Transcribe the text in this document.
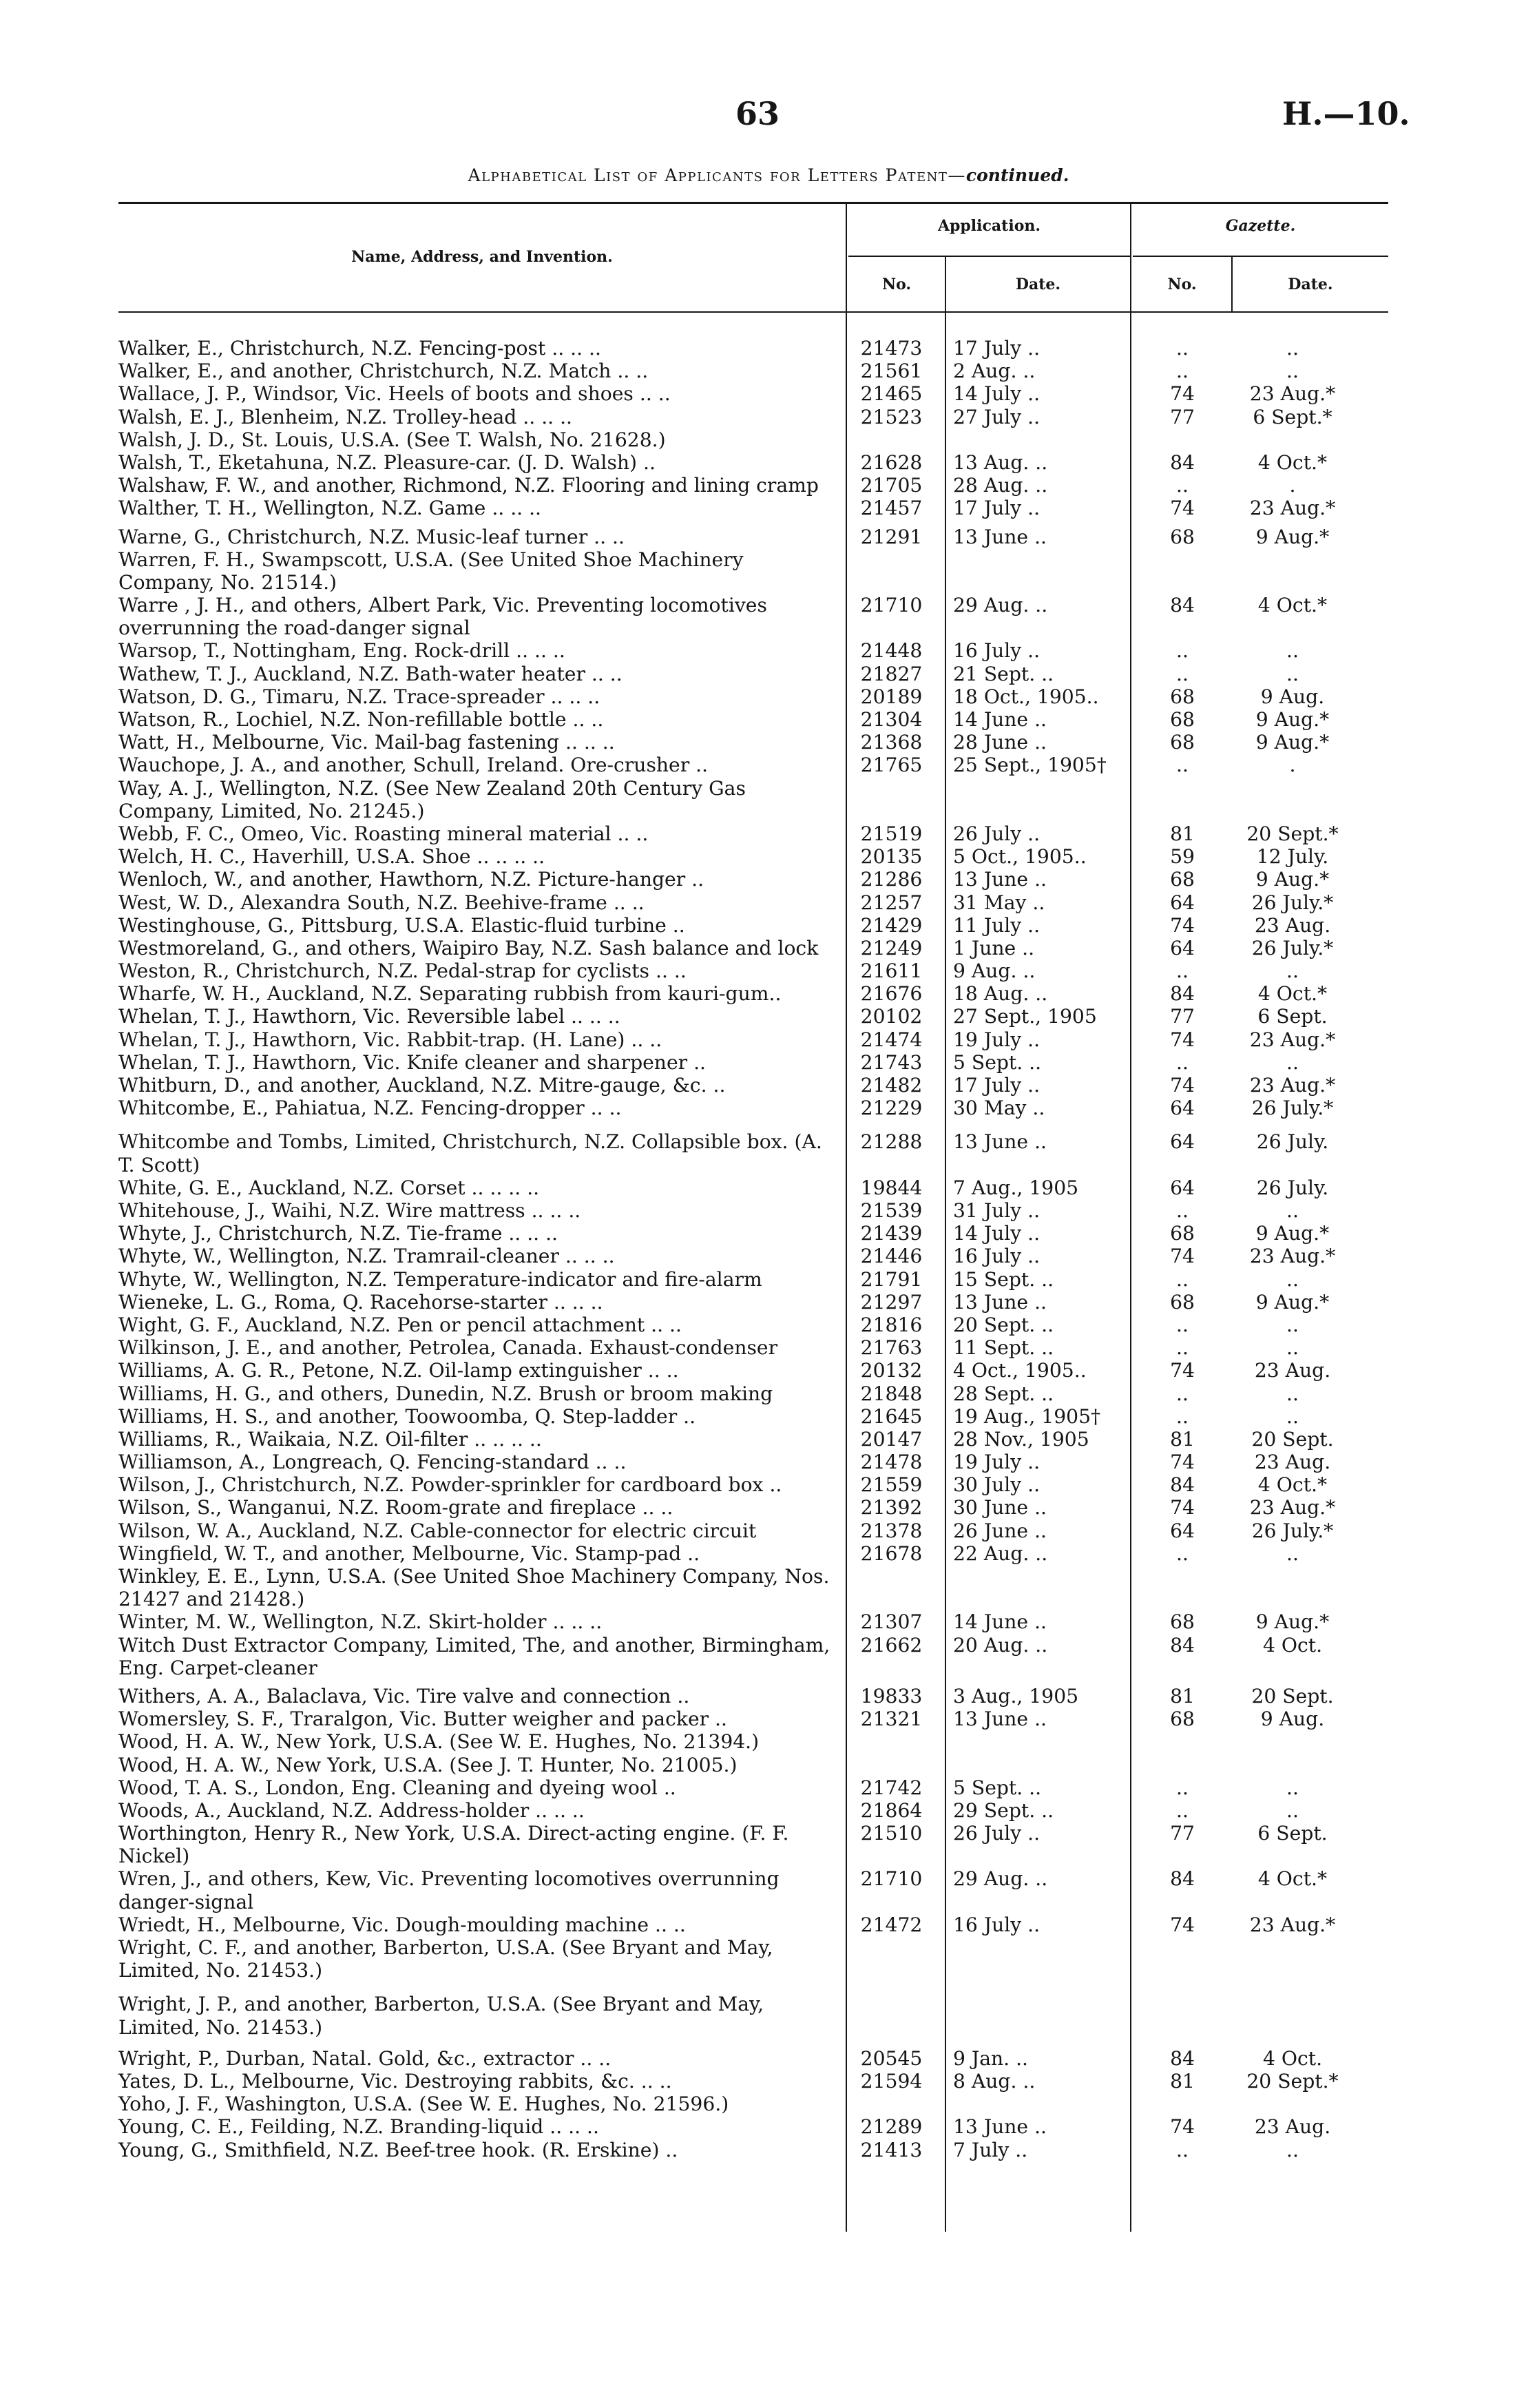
63	H.—10.
Alphabetical List of Applicants for Letters Patent—continued.
Name, Address, and Invention.
Application.	Gazette.
No.	Date.	No.	Date.
Walker, E., Christchurch, N.Z. Fencing-post .. .. ..	21473	17 July ..	..	..
Walker, E., and another, Christchurch, N.Z. Match .. ..	21561	2 Aug. ..	..	..
Wallace, J. P., Windsor, Vic. Heels of boots and shoes .. ..	21465	14 July ..	74	23 Aug.*
Walsh, E. J., Blenheim, N.Z. Trolley-head .. .. ..	21523	27 July ..	77	6 Sept.*
Walsh, J. D., St. Louis, U.S.A. (See T. Walsh, No. 21628.)
Walsh, T., Eketahuna, N.Z. Pleasure-car. (J. D. Walsh) ..	21628	13 Aug. ..	84	4 Oct.*
Walshaw, F. W., and another, Richmond, N.Z. Flooring and lining cramp	21705	28 Aug. ..	..	.
Walther, T. H., Wellington, N.Z. Game .. .. ..	21457	17 July ..	74	23 Aug.*
Warne, G., Christchurch, N.Z. Music-leaf turner .. ..	21291	13 June ..	68	9 Aug.*
Warren, F. H., Swampscott, U.S.A. (See United Shoe Machinery Company, No. 21514.)
Warre , J. H., and others, Albert Park, Vic. Preventing locomotives overrunning the road-danger signal
21710	29 Aug. ..	84	4 Oct.*
Warsop, T., Nottingham, Eng. Rock-drill .. .. ..	21448	16 July ..	..	..
Wathew, T. J., Auckland, N.Z. Bath-water heater .. ..	21827	21 Sept. ..	..	..
Watson, D. G., Timaru, N.Z. Trace-spreader .. .. ..	20189	18 Oct., 1905..	68	9 Aug.
Watson, R., Lochiel, N.Z. Non-refillable bottle .. ..	21304	14 June ..	68	9 Aug.*
Watt, H., Melbourne, Vic. Mail-bag fastening .. .. ..	21368	28 June ..	68	9 Aug.*
Wauchope, J. A., and another, Schull, Ireland. Ore-crusher ..	21765	25 Sept., 1905†	..	.
Way, A. J., Wellington, N.Z. (See New Zealand 20th Century Gas Company, Limited, No. 21245.)
Webb, F. C., Omeo, Vic. Roasting mineral material .. ..	21519	26 July ..	81	20 Sept.*
Welch, H. C., Haverhill, U.S.A. Shoe .. .. .. ..	20135	5 Oct., 1905..	59	12 July.
Wenloch, W., and another, Hawthorn, N.Z. Picture-hanger ..	21286	13 June ..	68	9 Aug.*
West, W. D., Alexandra South, N.Z. Beehive-frame .. ..	21257	31 May ..	64	26 July.*
Westinghouse, G., Pittsburg, U.S.A. Elastic-fluid turbine ..	21429	11 July ..	74	23 Aug.
Westmoreland, G., and others, Waipiro Bay, N.Z. Sash balance and lock	21249	1 June ..	64	26 July.*
Weston, R., Christchurch, N.Z. Pedal-strap for cyclists .. ..	21611	9 Aug. ..	..	..
Wharfe, W. H., Auckland, N.Z. Separating rubbish from kauri-gum..	21676	18 Aug. ..	84	4 Oct.*
Whelan, T. J., Hawthorn, Vic. Reversible label .. .. ..	20102	27 Sept., 1905	77	6 Sept.
Whelan, T. J., Hawthorn, Vic. Rabbit-trap. (H. Lane) .. ..	21474	19 July ..	74	23 Aug.*
Whelan, T. J., Hawthorn, Vic. Knife cleaner and sharpener ..	21743	5 Sept. ..	..	..
Whitburn, D., and another, Auckland, N.Z. Mitre-gauge, &c. ..	21482	17 July ..	74	23 Aug.*
Whitcombe, E., Pahiatua, N.Z. Fencing-dropper .. ..	21229	30 May ..	64	26 July.*
Whitcombe and Tombs, Limited, Christchurch, N.Z. Collapsible box. (A. T. Scott)
21288	13 June ..	64	26 July.
White, G. E., Auckland, N.Z. Corset .. .. .. ..	19844	7 Aug., 1905	64	26 July.
Whitehouse, J., Waihi, N.Z. Wire mattress .. .. ..	21539	31 July ..	..	..
Whyte, J., Christchurch, N.Z. Tie-frame .. .. ..	21439	14 July ..	68	9 Aug.*
Whyte, W., Wellington, N.Z. Tramrail-cleaner .. .. ..	21446	16 July ..	74	23 Aug.*
Whyte, W., Wellington, N.Z. Temperature-indicator and fire-alarm	21791	15 Sept. ..	..	..
Wieneke, L. G., Roma, Q. Racehorse-starter .. .. ..	21297	13 June ..	68	9 Aug.*
Wight, G. F., Auckland, N.Z. Pen or pencil attachment .. ..	21816	20 Sept. ..	..	..
Wilkinson, J. E., and another, Petrolea, Canada. Exhaust-condenser	21763	11 Sept. ..	..	..
Williams, A. G. R., Petone, N.Z. Oil-lamp extinguisher .. ..	20132	4 Oct., 1905..	74	23 Aug.
Williams, H. G., and others, Dunedin, N.Z. Brush or broom making	21848	28 Sept. ..	..	..
Williams, H. S., and another, Toowoomba, Q. Step-ladder ..	21645	19 Aug., 1905†	..	..
Williams, R., Waikaia, N.Z. Oil-filter .. .. .. ..	20147	28 Nov., 1905	81	20 Sept.
Williamson, A., Longreach, Q. Fencing-standard .. ..	21478	19 July ..	74	23 Aug.
Wilson, J., Christchurch, N.Z. Powder-sprinkler for cardboard box ..	21559	30 July ..	84	4 Oct.*
Wilson, S., Wanganui, N.Z. Room-grate and fireplace .. ..	21392	30 June ..	74	23 Aug.*
Wilson, W. A., Auckland, N.Z. Cable-connector for electric circuit	21378	26 June ..	64	26 July.*
Wingfield, W. T., and another, Melbourne, Vic. Stamp-pad ..	21678	22 Aug. ..	..	..
Winkley, E. E., Lynn, U.S.A. (See United Shoe Machinery Company, Nos. 21427 and 21428.)
Winter, M. W., Wellington, N.Z. Skirt-holder .. .. ..	21307	14 June ..	68	9 Aug.*
Witch Dust Extractor Company, Limited, The, and another, Birmingham, Eng. Carpet-cleaner
21662	20 Aug. ..	84	4 Oct.
Withers, A. A., Balaclava, Vic. Tire valve and connection ..	19833	3 Aug., 1905	81	20 Sept.
Womersley, S. F., Traralgon, Vic. Butter weigher and packer ..	21321	13 June ..	68	9 Aug.
Wood, H. A. W., New York, U.S.A. (See W. E. Hughes, No. 21394.)
Wood, H. A. W., New York, U.S.A. (See J. T. Hunter, No. 21005.)
Wood, T. A. S., London, Eng. Cleaning and dyeing wool ..	21742	5 Sept. ..	..	..
Woods, A., Auckland, N.Z. Address-holder .. .. ..	21864	29 Sept. ..	..	..
Worthington, Henry R., New York, U.S.A. Direct-acting engine. (F. F. Nickel)
21510	26 July ..	77	6 Sept.
Wren, J., and others, Kew, Vic. Preventing locomotives overrunning danger-signal
21710	29 Aug. ..	84	4 Oct.*
Wriedt, H., Melbourne, Vic. Dough-moulding machine .. ..	21472	16 July ..	74	23 Aug.*
Wright, C. F., and another, Barberton, U.S.A. (See Bryant and May, Limited, No. 21453.)
Wright, J. P., and another, Barberton, U.S.A. (See Bryant and May, Limited, No. 21453.)
Wright, P., Durban, Natal. Gold, &c., extractor .. ..	20545	9 Jan. ..	84	4 Oct.
Yates, D. L., Melbourne, Vic. Destroying rabbits, &c. .. ..	21594	8 Aug. ..	81	20 Sept.*
Yoho, J. F., Washington, U.S.A. (See W. E. Hughes, No. 21596.)
Young, C. E., Feilding, N.Z. Branding-liquid .. .. ..	21289	13 June ..	74	23 Aug.
Young, G., Smithfield, N.Z. Beef-tree hook. (R. Erskine) ..	21413	7 July ..	..	..
